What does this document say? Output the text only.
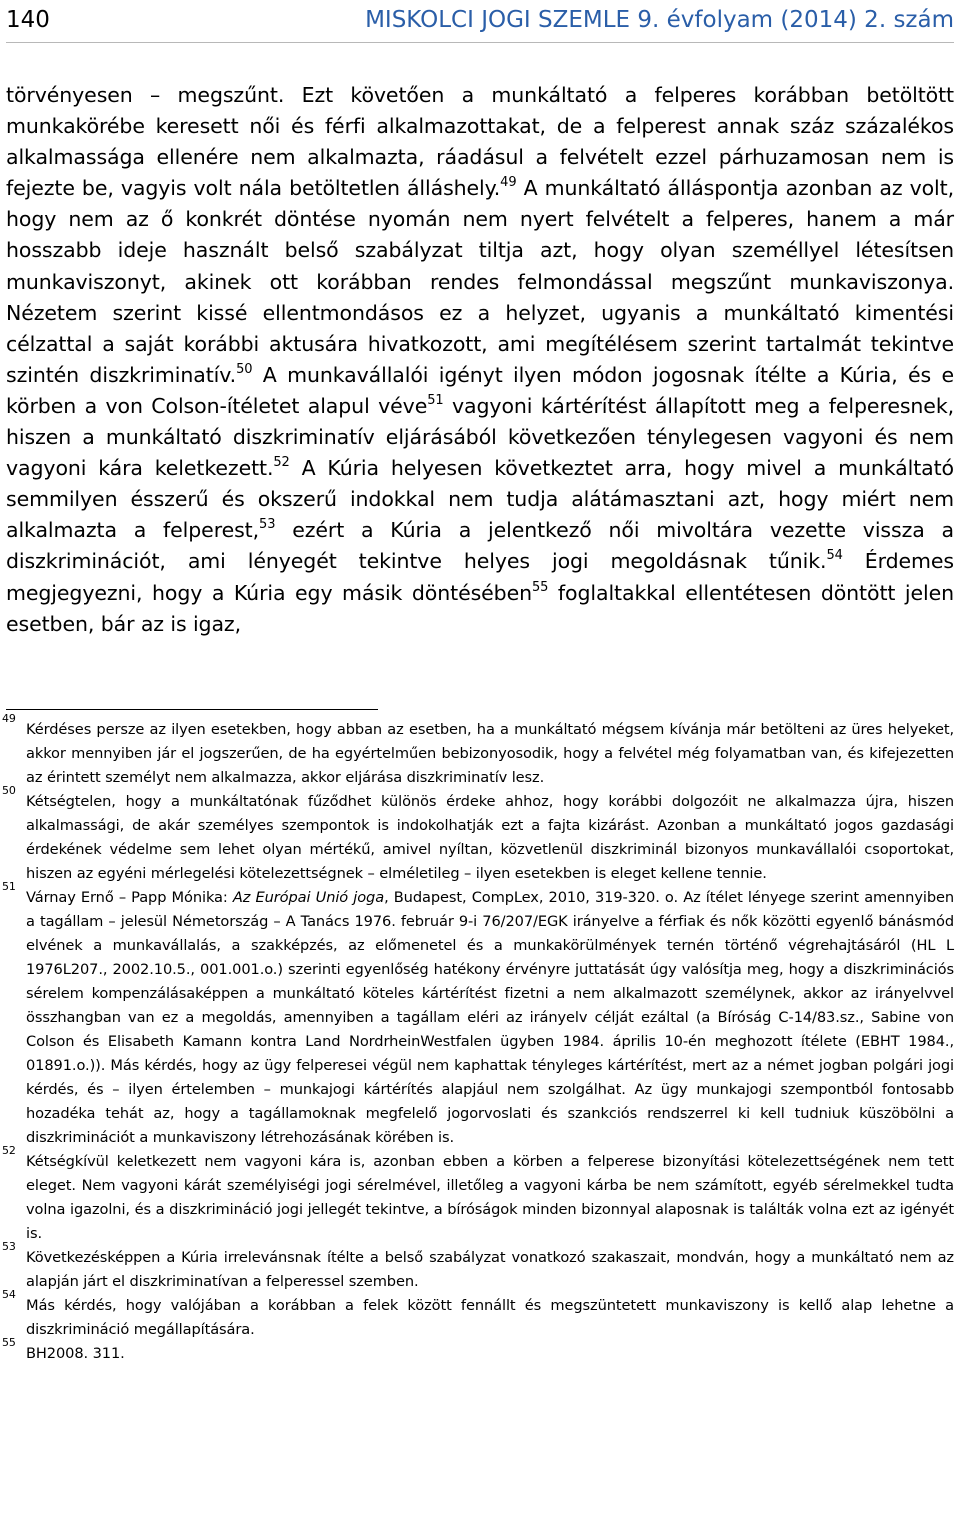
140	MISKOLCI JOGI SZEMLE 9. évfolyam (2014) 2. szám

törvényesen – megszűnt. Ezt követően a munkáltató a felperes korábban betöltött munkakörébe keresett női és férfi alkalmazottakat, de a felperest annak száz százalékos alkalmassága ellenére nem alkalmazta, ráadásul a felvételt ezzel párhuzamosan nem is fejezte be, vagyis volt nála betöltetlen álláshely.$^{49}$ A munkáltató álláspontja azonban az volt, hogy nem az ő konkrét döntése nyomán nem nyert felvételt a felperes, hanem a már hosszabb ideje használt belső szabályzat tiltja azt, hogy olyan személlyel létesítsen munkaviszonyt, akinek ott korábban rendes felmondással megszűnt munkaviszonya. Nézetem szerint kissé ellentmondásos ez a helyzet, ugyanis a munkáltató kimentési célzattal a saját korábbi aktusára hivatkozott, ami megítélésem szerint tartalmát tekintve szintén diszkriminatív.$^{50}$ A munkavállalói igényt ilyen módon jogosnak ítélte a Kúria, és e körben a von Colson-ítéletet alapul véve$^{51}$ vagyoni kártérítést állapított meg a felperesnek, hiszen a munkáltató diszkriminatív eljárásából következően ténylegesen vagyoni és nem vagyoni kára keletkezett.$^{52}$ A Kúria helyesen következtet arra, hogy mivel a munkáltató semmilyen ésszerű és okszerű indokkal nem tudja alátámasztani azt, hogy miért nem alkalmazta a felperest,$^{53}$ ezért a Kúria a jelentkező női mivoltára vezette vissza a diszkriminációt, ami lényegét tekintve helyes jogi megoldásnak tűnik.$^{54}$ Érdemes megjegyezni, hogy a Kúria egy másik döntésében$^{55}$ foglaltakkal ellentétesen döntött jelen esetben, bár az is igaz,

49
Kérdéses persze az ilyen esetekben, hogy abban az esetben, ha a munkáltató mégsem kívánja már betölteni az üres helyeket, akkor mennyiben jár el jogszerűen, de ha egyértelműen bebizonyosodik, hogy a felvétel még folyamatban van, és kifejezetten az érintett személyt nem alkalmazza, akkor eljárása diszkriminatív lesz.
50
Kétségtelen, hogy a munkáltatónak fűződhet különös érdeke ahhoz, hogy korábbi dolgozóit ne alkalmazza újra, hiszen alkalmassági, de akár személyes szempontok is indokolhatják ezt a fajta kizárást. Azonban a munkáltató jogos gazdasági érdekének védelme sem lehet olyan mértékű, amivel nyíltan, közvetlenül diszkriminál bizonyos munkavállalói csoportokat, hiszen az egyéni mérlegelési kötelezettségnek – elméletileg – ilyen esetekben is eleget kellene tennie.
51
Várnay Ernő – Papp Mónika: Az Európai Unió joga, Budapest, CompLex, 2010, 319-320. o. Az ítélet lényege szerint amennyiben a tagállam – jelesül Németország – A Tanács 1976. február 9-i 76/207/EGK irányelve a férfiak és nők közötti egyenlő bánásmód elvének a munkavállalás, a szakképzés, az előmenetel és a munkakörülmények ternén történő végrehajtásáról (HL L 1976L207., 2002.10.5., 001.001.o.) szerinti egyenlőség hatékony érvényre juttatását úgy valósítja meg, hogy a diszkriminációs sérelem kompenzálásaképpen a munkáltató köteles kártérítést fizetni a nem alkalmazott személynek, akkor az irányelvvel összhangban van ez a megoldás, amennyiben a tagállam eléri az irányelv célját ezáltal (a Bíróság C-14/83.sz., Sabine von Colson és Elisabeth Kamann kontra Land NordrheinWestfalen ügyben 1984. április 10-én meghozott ítélete (EBHT 1984., 01891.o.)). Más kérdés, hogy az ügy felperesei végül nem kaphattak tényleges kártérítést, mert az a német jogban polgári jogi kérdés, és – ilyen értelemben – munkajogi kártérítés alapjául nem szolgálhat. Az ügy munkajogi szempontból fontosabb hozadéka tehát az, hogy a tagállamoknak megfelelő jogorvoslati és szankciós rendszerrel ki kell tudniuk küszöbölni a diszkriminációt a munkaviszony létrehozásának körében is.
52
Kétségkívül keletkezett nem vagyoni kára is, azonban ebben a körben a felperese bizonyítási kötelezettségének nem tett eleget. Nem vagyoni kárát személyiségi jogi sérelmével, illetőleg a vagyoni kárba be nem számított, egyéb sérelmekkel tudta volna igazolni, és a diszkrimináció jogi jellegét tekintve, a bíróságok minden bizonnyal alaposnak is találták volna ezt az igényét is.
53
Következésképpen a Kúria irrelevánsnak ítélte a belső szabályzat vonatkozó szakaszait, mondván, hogy a munkáltató nem az alapján járt el diszkriminatívan a felperessel szemben.
54
Más kérdés, hogy valójában a korábban a felek között fennállt és megszüntetett munkaviszony is kellő alap lehetne a diszkrimináció megállapítására.
55
BH2008. 311.
